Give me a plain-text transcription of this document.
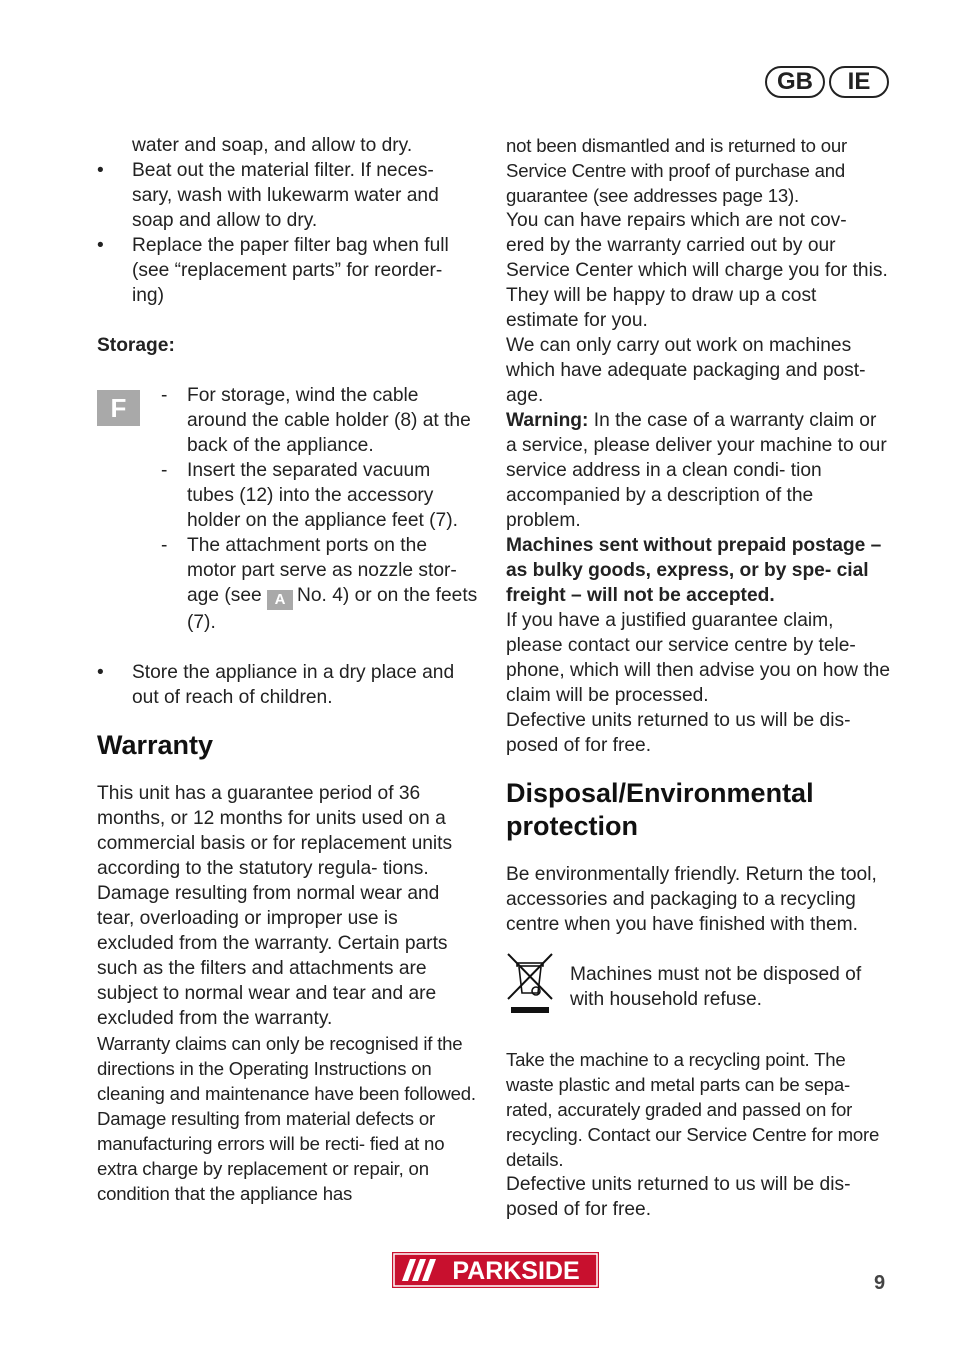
GB	IE

water and soap, and allow to dry.

• Beat out the material filter. If neces- sary, wash with lukewarm water and soap and allow to dry.

• Replace the paper filter bag when full (see “replacement parts” for reorder- ing)

Storage:

F	- For storage, wind the cable around the cable holder (8) at the back of the appliance.

- Insert the separated vacuum tubes (12) into the accessory holder on the appliance feet (7).

- The attachment ports on the motor part serve as nozzle stor- age (see A No. 4) or on the feets (7).

• Store the appliance in a dry place and out of reach of children.

Warranty

This unit has a guarantee period of 36 months, or 12 months for units used on a commercial basis or for replacement units according to the statutory regula- tions. Damage resulting from normal wear and tear, overloading or improper use is excluded from the warranty. Certain parts such as the filters and attachments are subject to normal wear and tear and are excluded from the warranty.

Warranty claims can only be recognised if the directions in the Operating Instructions on cleaning and maintenance have been followed. Damage resulting from material defects or manufacturing errors will be recti- fied at no extra charge by replacement or repair, on condition that the appliance has

not been dismantled and is returned to our Service Centre with proof of purchase and guarantee (see addresses page 13).

You can have repairs which are not cov- ered by the warranty carried out by our Service Center which will charge you for this. They will be happy to draw up a cost estimate for you.

We can only carry out work on machines which have adequate packaging and post- age.

Warning: In the case of a warranty claim or a service, please deliver your machine to our service address in a clean condi- tion accompanied by a description of the problem.

Machines sent without prepaid postage – as bulky goods, express, or by spe- cial freight – will not be accepted.

If you have a justified guarantee claim, please contact our service centre by tele- phone, which will then advise you on how the claim will be processed.

Defective units returned to us will be dis- posed of for free.

Disposal/Environmental
protection

Be environmentally friendly. Return the tool, accessories and packaging to a recycling centre when you have finished with them.

Machines must not be disposed of with household refuse.

Take the machine to a recycling point. The waste plastic and metal parts can be sepa- rated, accurately graded and passed on for recycling. Contact our Service Centre for more details.

Defective units returned to us will be dis- posed of for free.

PARKSIDE	9
